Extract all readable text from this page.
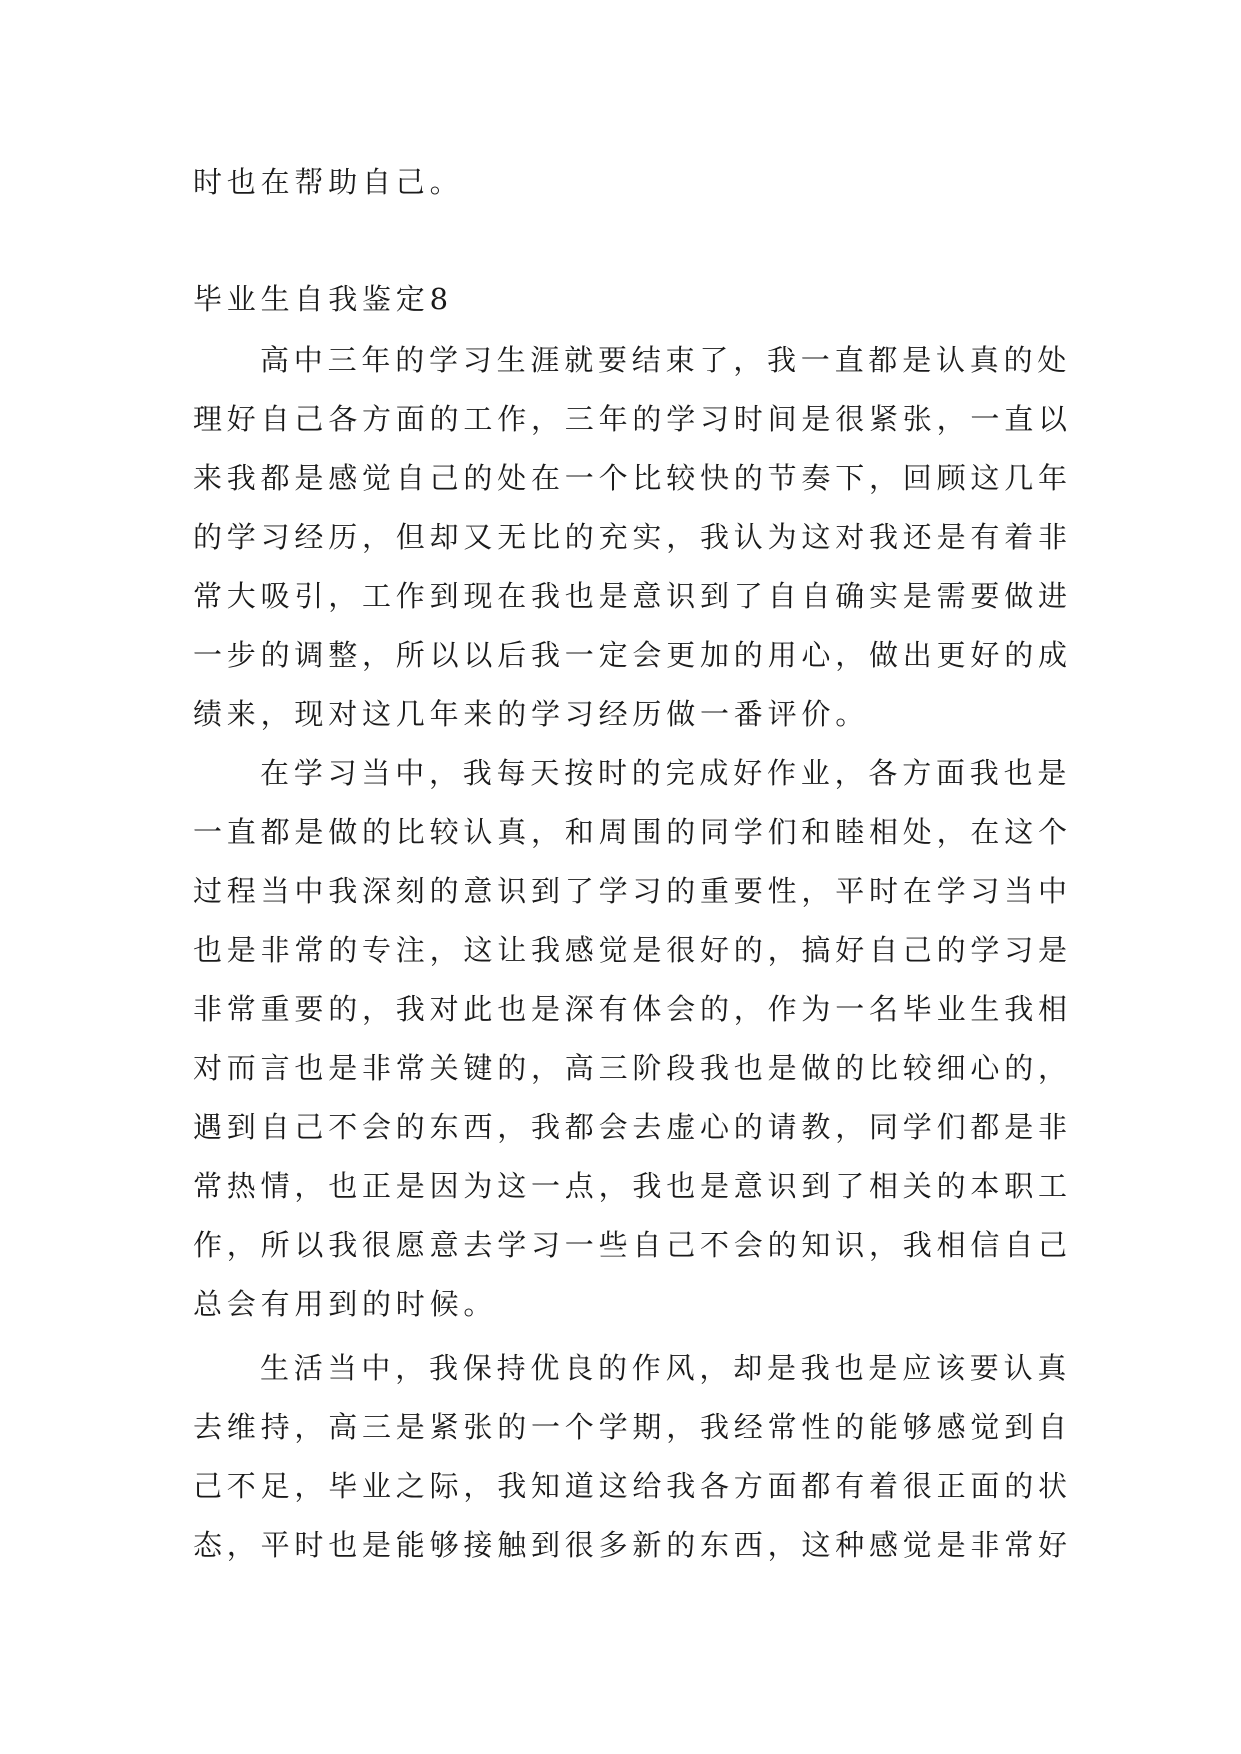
时也在帮助自己。
毕业生自我鉴定8
高中三年的学习生涯就要结束了，我一直都是认真的处
理好自己各方面的工作，三年的学习时间是很紧张，一直以
来我都是感觉自己的处在一个比较快的节奏下，回顾这几年
的学习经历，但却又无比的充实，我认为这对我还是有着非
常大吸引，工作到现在我也是意识到了自自确实是需要做进
一步的调整，所以以后我一定会更加的用心，做出更好的成
绩来，现对这几年来的学习经历做一番评价。
在学习当中，我每天按时的完成好作业，各方面我也是
一直都是做的比较认真，和周围的同学们和睦相处，在这个
过程当中我深刻的意识到了学习的重要性，平时在学习当中
也是非常的专注，这让我感觉是很好的，搞好自己的学习是
非常重要的，我对此也是深有体会的，作为一名毕业生我相
对而言也是非常关键的，高三阶段我也是做的比较细心的，
遇到自己不会的东西，我都会去虚心的请教，同学们都是非
常热情，也正是因为这一点，我也是意识到了相关的本职工
作，所以我很愿意去学习一些自己不会的知识，我相信自己
总会有用到的时候。
生活当中，我保持优良的作风，却是我也是应该要认真
去维持，高三是紧张的一个学期，我经常性的能够感觉到自
己不足，毕业之际，我知道这给我各方面都有着很正面的状
态，平时也是能够接触到很多新的东西，这种感觉是非常好
